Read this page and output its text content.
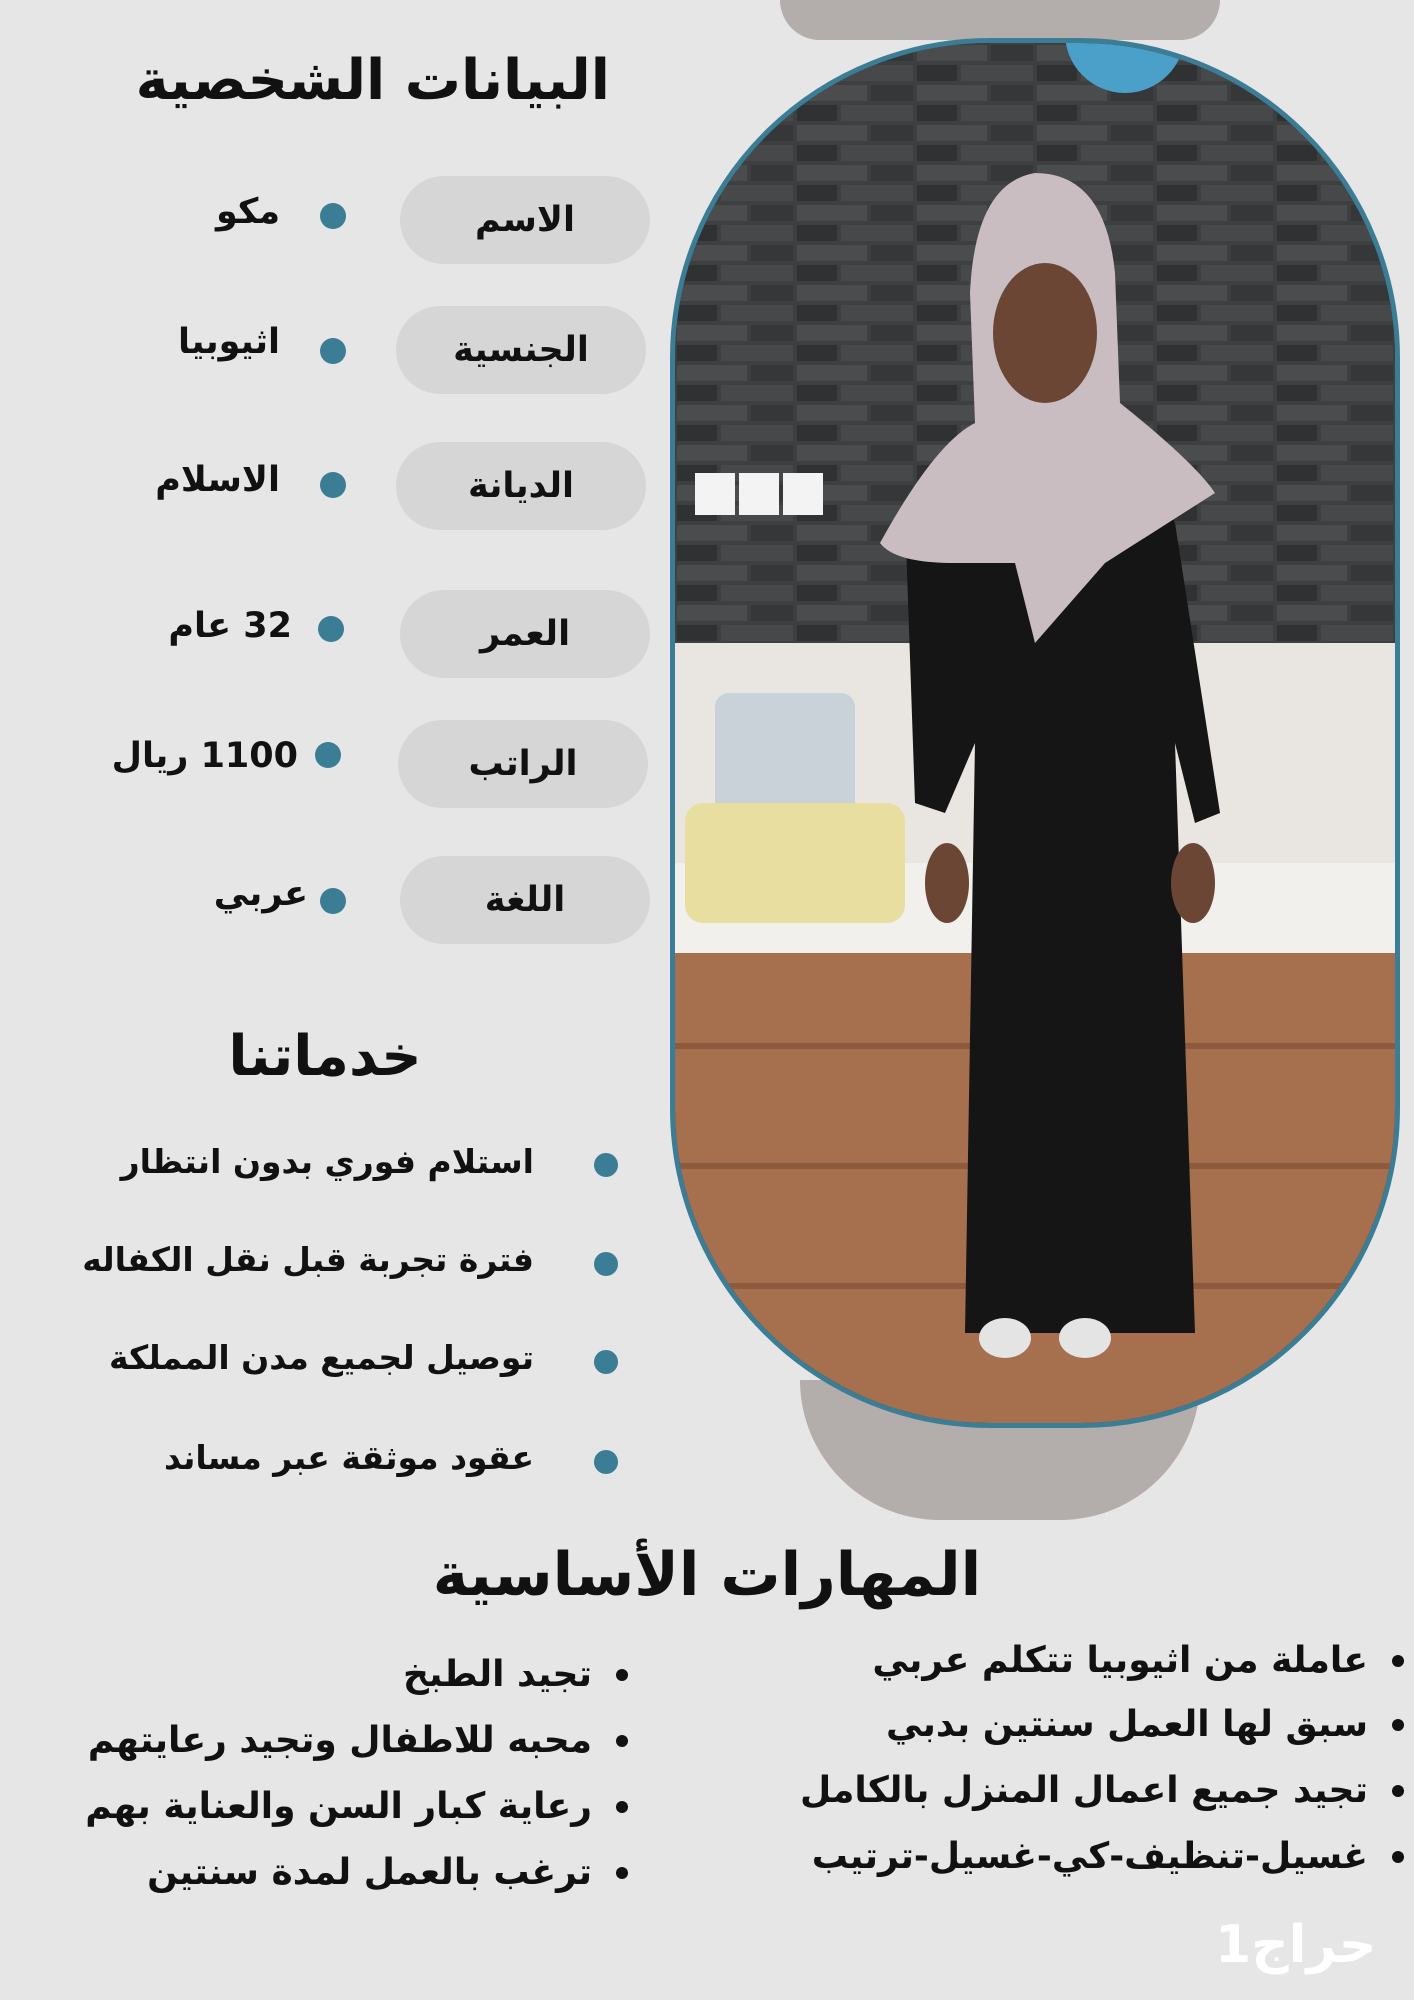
البيانات الشخصية
الاسم
مكو
الجنسية
اثيوبيا
الديانة
الاسلام
العمر
32 عام
الراتب
1100 ريال
اللغة
عربي
خدماتنا
استلام فوري بدون انتظار
فترة تجربة قبل نقل الكفاله
توصيل لجميع مدن المملكة
عقود موثقة عبر مساند
المهارات الأساسية
عاملة من اثيوبيا تتكلم عربي
سبق لها العمل سنتين بدبي
تجيد جميع اعمال المنزل بالكامل
غسيل-تنظيف-كي-غسيل-ترتيب
تجيد الطبخ
محبه للاطفال وتجيد رعايتهم
رعاية كبار السن والعناية بهم
ترغب بالعمل لمدة سنتين
حراج1
